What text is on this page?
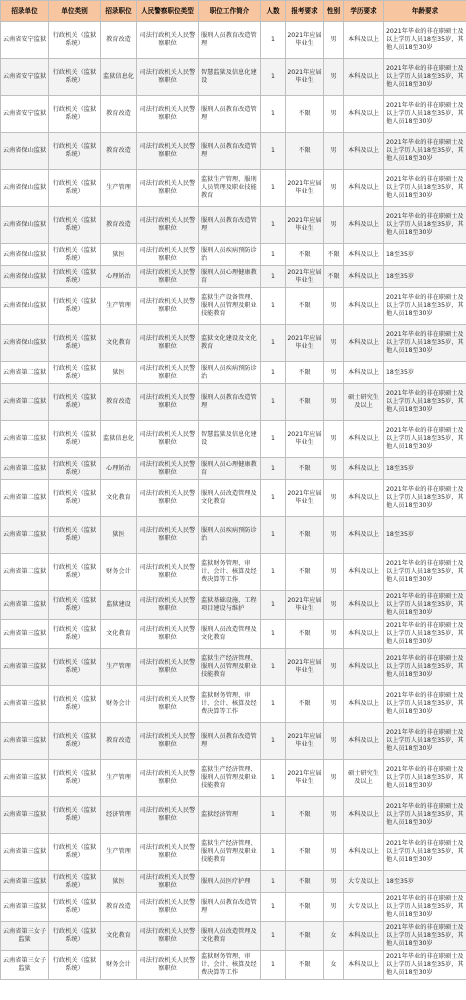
招录单位	单位类别	招录职位	人民警察职位类型	职位工作简介	人数	报考要求	性别	学历要求	年龄要求
云南省安宁监狱	行政机关（监狱系统）	教育改造	司法行政机关人民警察职位	服刑人员教育改造管理	1	2021年应届毕业生	男	本科及以上	2021年毕业的非在职硕士及以上学历人员18至35岁，其他人员18至30岁
云南省安宁监狱	行政机关（监狱系统）	监狱信息化	司法行政机关人民警察职位	智慧监狱及信息化建设	1	2021年应届毕业生	男	本科及以上	2021年毕业的非在职硕士及以上学历人员18至35岁，其他人员18至30岁
云南省安宁监狱	行政机关（监狱系统）	教育改造	司法行政机关人民警察职位	服刑人员教育改造管理	1	不限	男	本科及以上	2021年毕业的非在职硕士及以上学历人员18至35岁，其他人员18至30岁
云南省保山监狱	行政机关（监狱系统）	教育改造	司法行政机关人民警察职位	服刑人员教育改造管理	1	不限	男	本科及以上	2021年毕业的非在职硕士及以上学历人员18至35岁，其他人员18至30岁
云南省保山监狱	行政机关（监狱系统）	生产管理	司法行政机关人民警察职位	监狱生产管理、服刑人员管理及职业技能教育	1	2021年应届毕业生	男	本科及以上	2021年毕业的非在职硕士及以上学历人员18至35岁，其他人员18至30岁
云南省保山监狱	行政机关（监狱系统）	教育改造	司法行政机关人民警察职位	服刑人员教育改造管理	1	2021年应届毕业生	男	本科及以上	2021年毕业的非在职硕士及以上学历人员18至35岁，其他人员18至30岁
云南省保山监狱	行政机关（监狱系统）	狱医	司法行政机关人民警察职位	服刑人员疾病预防诊治	1	不限	不限	本科及以上	18至35岁
云南省保山监狱	行政机关（监狱系统）	心理矫治	司法行政机关人民警察职位	服刑人员心理健康教育	1	2021年应届毕业生	不限	本科及以上	18至35岁
云南省保山监狱	行政机关（监狱系统）	生产管理	司法行政机关人民警察职位	监狱生产设备管理、服刑人员管理及职业技能教育	1	不限	男	本科及以上	2021年毕业的非在职硕士及以上学历人员18至35岁，其他人员18至30岁
云南省保山监狱	行政机关（监狱系统）	文化教育	司法行政机关人民警察职位	监狱文化建设及文化教育	1	2021年应届毕业生	男	本科及以上	2021年毕业的非在职硕士及以上学历人员18至35岁，其他人员18至30岁
云南省第二监狱	行政机关（监狱系统）	狱医	司法行政机关人民警察职位	服刑人员疾病预防诊治	1	不限	男	本科及以上	18至35岁
云南省第二监狱	行政机关（监狱系统）	教育改造	司法行政机关人民警察职位	服刑人员教育改造管理	1	不限	男	硕士研究生及以上	2021年毕业的非在职硕士及以上学历人员18至35岁，其他人员18至30岁
云南省第二监狱	行政机关（监狱系统）	监狱信息化	司法行政机关人民警察职位	智慧监狱及信息化建设	1	2021年应届毕业生	男	本科及以上	2021年毕业的非在职硕士及以上学历人员18至35岁，其他人员18至30岁
云南省第二监狱	行政机关（监狱系统）	心理矫治	司法行政机关人民警察职位	服刑人员心理健康教育	1	不限	男	本科及以上	18至35岁
云南省第二监狱	行政机关（监狱系统）	文化教育	司法行政机关人民警察职位	服刑人员改造管理及文化教育	1	2021年应届毕业生	男	本科及以上	2021年毕业的非在职硕士及以上学历人员18至35岁，其他人员18至30岁
云南省第二监狱	行政机关（监狱系统）	狱医	司法行政机关人民警察职位	服刑人员疾病预防诊治	1	不限	男	本科及以上	18至35岁
云南省第二监狱	行政机关（监狱系统）	财务会计	司法行政机关人民警察职位	监狱财务管理、审计、会计、核算及经费决算等工作	1	不限	男	本科及以上	2021年毕业的非在职硕士及以上学历人员18至35岁，其他人员18至30岁
云南省第二监狱	行政机关（监狱系统）	监狱建设	司法行政机关人民警察职位	监狱基础设施、工程项目建设与维护	1	2021年应届毕业生	男	本科及以上	2021年毕业的非在职硕士及以上学历人员18至35岁，其他人员18至30岁
云南省第三监狱	行政机关（监狱系统）	文化教育	司法行政机关人民警察职位	服刑人员改造管理及文化教育	1	不限	男	本科及以上	2021年毕业的非在职硕士及以上学历人员18至35岁，其他人员18至30岁
云南省第三监狱	行政机关（监狱系统）	生产管理	司法行政机关人民警察职位	监狱生产经济管理、服刑人员管理及职业技能教育	1	2021年应届毕业生	男	本科及以上	2021年毕业的非在职硕士及以上学历人员18至35岁，其他人员18至30岁
云南省第三监狱	行政机关（监狱系统）	财务会计	司法行政机关人民警察职位	监狱财务管理、审计、会计、核算及经费决算等工作	1	不限	男	本科及以上	2021年毕业的非在职硕士及以上学历人员18至35岁，其他人员18至30岁
云南省第三监狱	行政机关（监狱系统）	教育改造	司法行政机关人民警察职位	服刑人员教育改造管理	1	2021年应届毕业生	男	本科及以上	2021年毕业的非在职硕士及以上学历人员18至35岁，其他人员18至30岁
云南省第三监狱	行政机关（监狱系统）	生产管理	司法行政机关人民警察职位	监狱生产经济管理、服刑人员管理及职业技能教育	1	2021年应届毕业生	男	硕士研究生及以上	2021年毕业的非在职硕士及以上学历人员18至35岁，其他人员18至30岁
云南省第三监狱	行政机关（监狱系统）	经济管理	司法行政机关人民警察职位	监狱经济管理	1	不限	男	本科及以上	2021年毕业的非在职硕士及以上学历人员18至35岁，其他人员18至30岁
云南省第三监狱	行政机关（监狱系统）	生产管理	司法行政机关人民警察职位	监狱生产经济管理、服刑人员管理及职业技能教育	1	不限	男	本科及以上	2021年毕业的非在职硕士及以上学历人员18至35岁，其他人员18至30岁
云南省第三监狱	行政机关（监狱系统）	狱医	司法行政机关人民警察职位	服刑人员医疗护理	1	不限	男	大专及以上	18至35岁
云南省第三监狱	行政机关（监狱系统）	教育改造	司法行政机关人民警察职位	服刑人员教育改造管理	1	不限	男	大专及以上	2021年毕业的非在职硕士及以上学历人员18至35岁，其他人员18至30岁
云南省第三女子监狱	行政机关（监狱系统）	文化教育	司法行政机关人民警察职位	服刑人员改造管理及文化教育	1	不限	女	本科及以上	2021年毕业的非在职硕士及以上学历人员18至35岁，其他人员18至30岁
云南省第三女子监狱	行政机关（监狱系统）	财务会计	司法行政机关人民警察职位	监狱财务管理、审计、会计、核算及经费决算等工作	1	不限	女	本科及以上	2021年毕业的非在职硕士及以上学历人员18至35岁，其他人员18至30岁
